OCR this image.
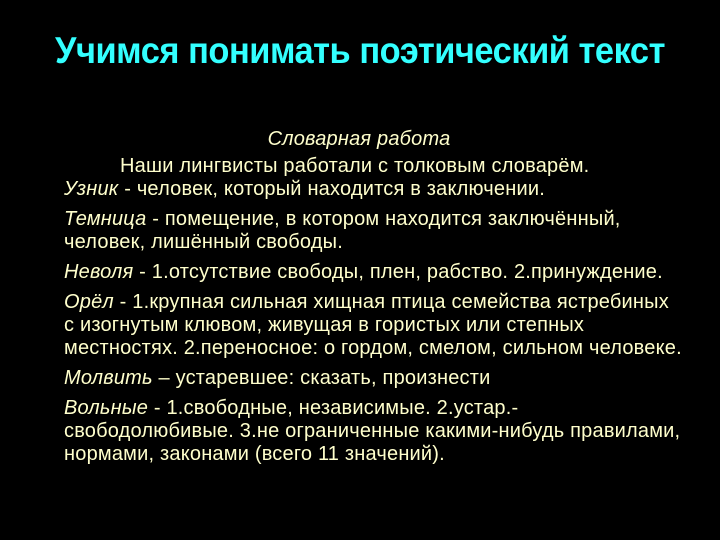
Учимся понимать поэтический текст
Словарная работа

Наши лингвисты работали с толковым словарём.

Узник - человек, который находится в заключении.

Темница - помещение, в котором находится заключённый, человек, лишённый свободы.

Неволя - 1.отсутствие свободы, плен, рабство. 2.принуждение.

Орёл - 1.крупная сильная хищная птица семейства ястребиных с изогнутым клювом, живущая в гористых или степных местностях. 2.переносное: о гордом, смелом, сильном человеке.

Молвить – устаревшее: сказать, произнести

Вольные - 1.свободные, независимые. 2.устар.- свободолюбивые. 3.не ограниченные какими-нибудь правилами, нормами, законами (всего 11 значений).
